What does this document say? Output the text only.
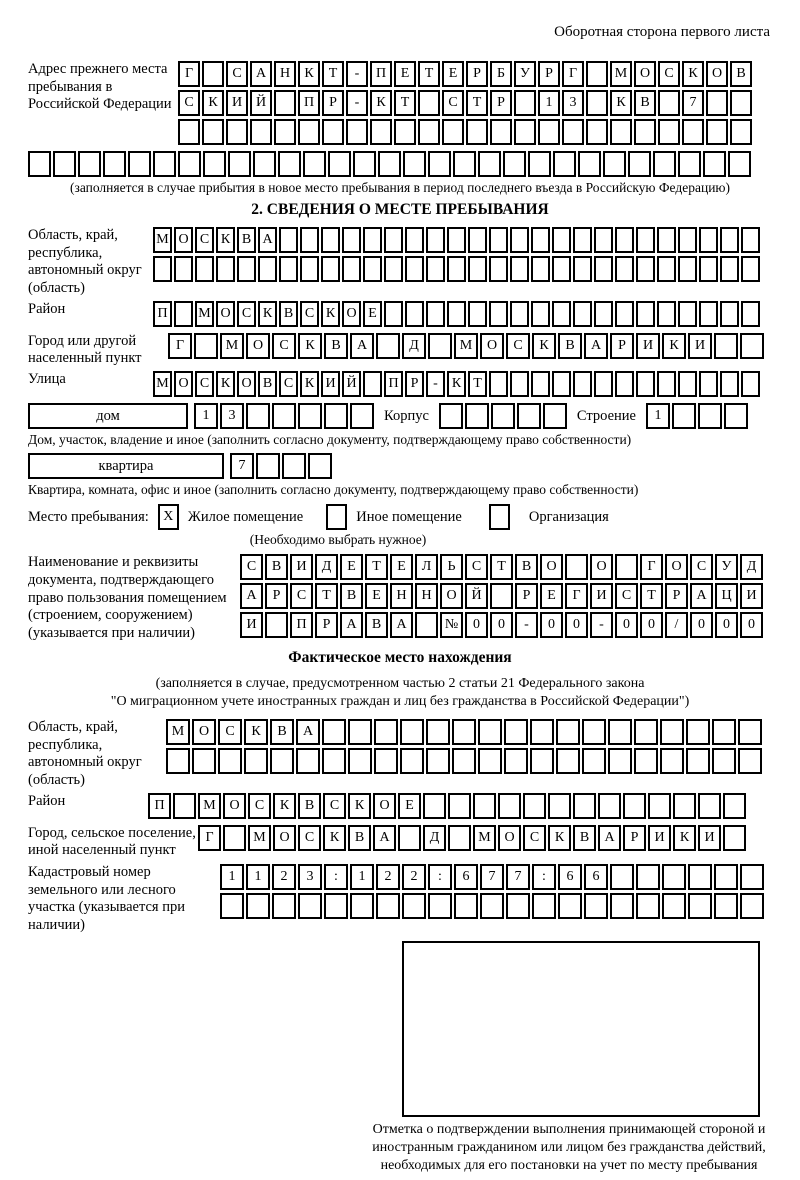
Оборотная сторона первого листа
Адрес прежнего места пребывания в Российской Федерации
Г	С	А Н	К	Т	-	П	Е	Т	Е	Р	Б	У	Р	Г	М О	С	К	О	В
С	К	И Й	П	Р	-	К	Т	С	Т	Р	1	3	К	В	7
(заполняется в случае прибытия в новое место пребывания в период последнего въезда в Российскую Федерацию)
2. СВЕДЕНИЯ О МЕСТЕ ПРЕБЫВАНИЯ
Область, край, республика, автономный округ (область)
М О С К В А
Район	П	М О С К В С К О Е
Город или другой населенный пункт
Г	М	О	С	К	В	А	Д	М	О	С	К	В	А	Р	И	К	И
Улица	М О С К О В С К И Й	П Р	-	К Т
дом	1	3	Корпус	Строение	1
Дом, участок, владение и иное (заполнить согласно документу, подтверждающему право собственности)
квартира	7
Квартира, комната, офис и иное (заполнить согласно документу, подтверждающему право собственности)
Место пребывания:	X Жилое помещение	Иное помещение	Организация
(Необходимо выбрать нужное)
Наименование и реквизиты документа, подтверждающего право пользования помещением (строением, сооружением) (указывается при наличии)
С	В	И	Д	Е	Т	Е	Л	Ь	С	Т	В	О	О	Г	О	С	У	Д
А	Р	С	Т	В	Е	Н	Н	О	Й	Р	Е	Г	И	С	Т	Р	А	Ц	И
И	П	Р	А	В	А	№	0	0	-	0	0	-	0	0	/	0	0	0
Фактическое место нахождения
(заполняется в случае, предусмотренном частью 2 статьи 21 Федерального закона
"О миграционном учете иностранных граждан и лиц без гражданства в Российской Федерации")
Область, край, республика, автономный округ (область)
М	О	С	К	В	А
Район	П	М О	С	К	В	С	К	О	Е
Город, сельское поселение, иной населенный пункт
Г	М О	С	К	В	А	Д	М О	С	К	В	А	Р	И	К	И
Кадастровый номер земельного или лесного участка (указывается при наличии)
1	1	2	3	:	1	2	2	:	6	7	7	:	6	6
Отметка о подтверждении выполнения принимающей стороной и иностранным гражданином или лицом без гражданства действий, необходимых для его постановки на учет по месту пребывания
